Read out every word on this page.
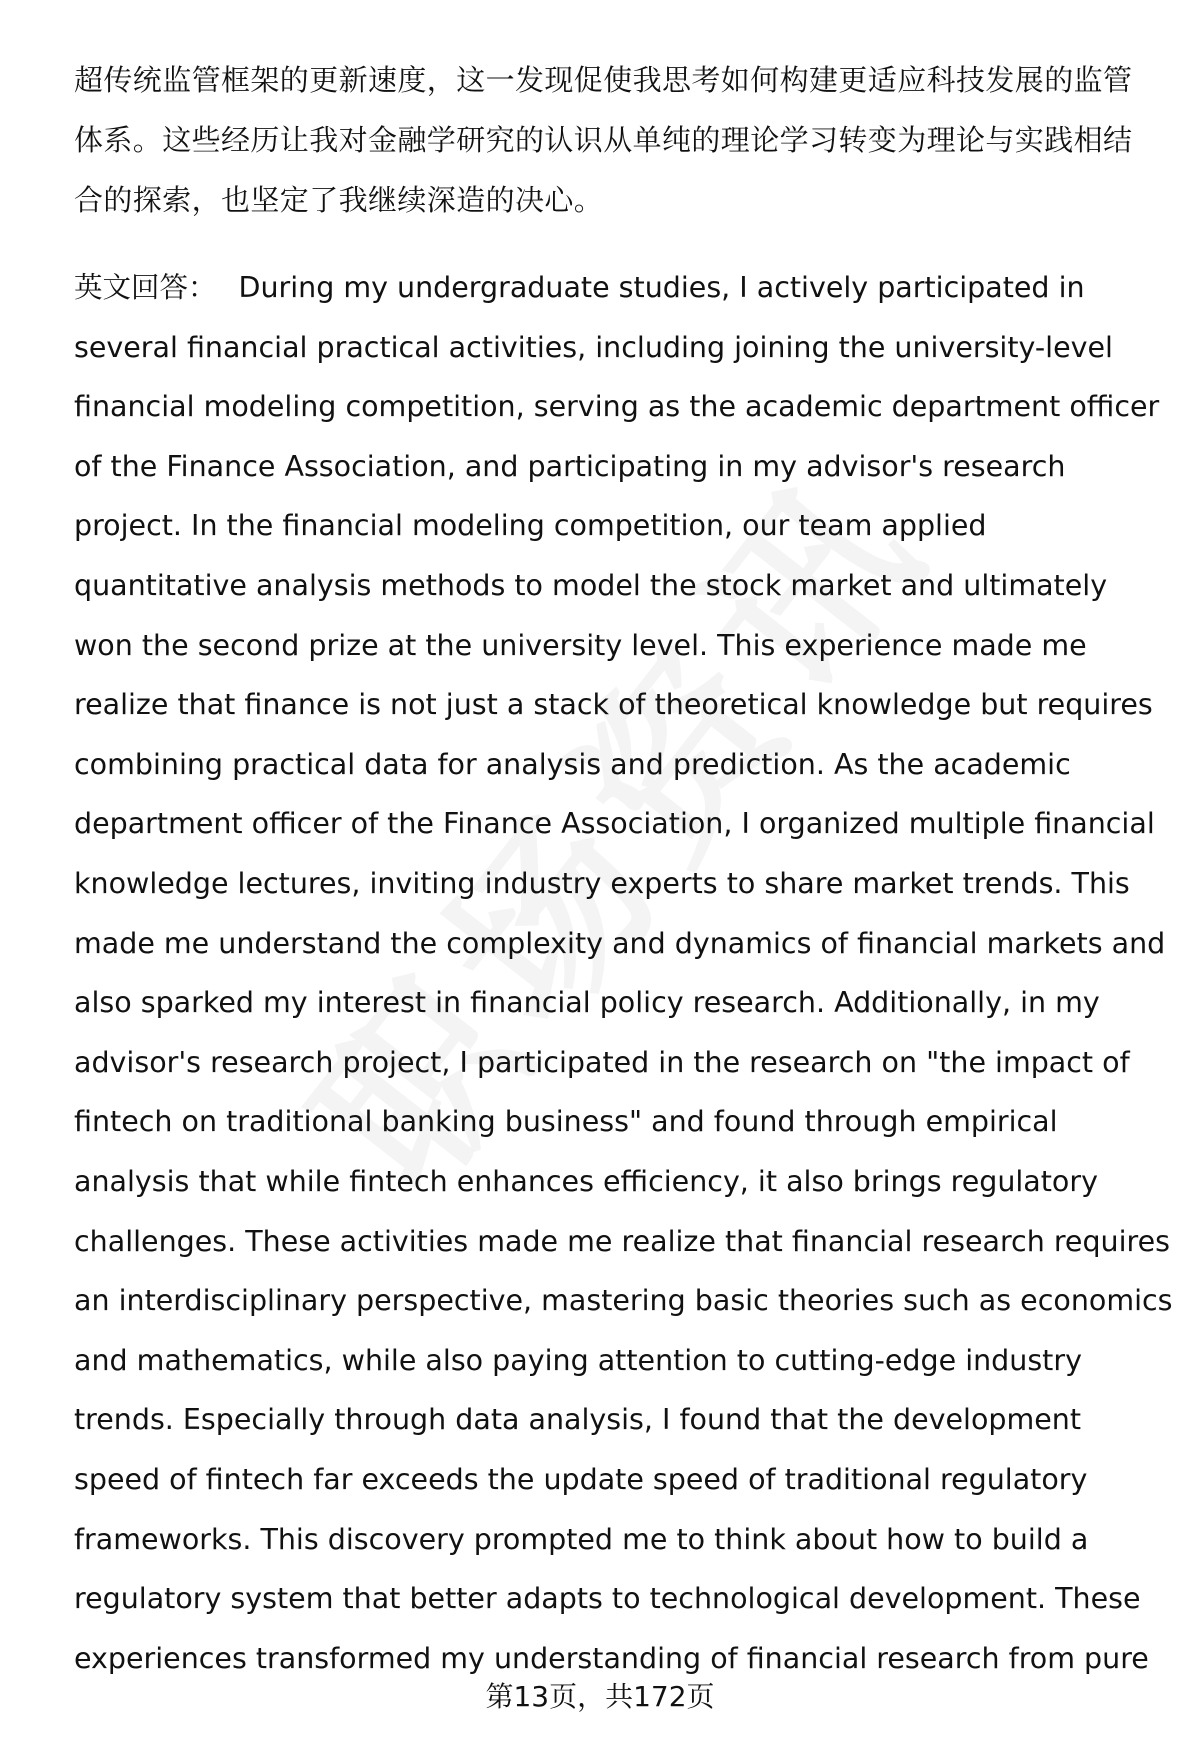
超传统监管框架的更新速度，这一发现促使我思考如何构建更适应科技发展的监管
体系。这些经历让我对金融学研究的认识从单纯的理论学习转变为理论与实践相结
合的探索，也坚定了我继续深造的决心。
英文回答： During my undergraduate studies, I actively participated in
several financial practical activities, including joining the university-level
financial modeling competition, serving as the academic department officer
of the Finance Association, and participating in my advisor's research
project. In the financial modeling competition, our team applied
quantitative analysis methods to model the stock market and ultimately
won the second prize at the university level. This experience made me
realize that finance is not just a stack of theoretical knowledge but requires
combining practical data for analysis and prediction. As the academic
department officer of the Finance Association, I organized multiple financial
knowledge lectures, inviting industry experts to share market trends. This
made me understand the complexity and dynamics of financial markets and
also sparked my interest in financial policy research. Additionally, in my
advisor's research project, I participated in the research on "the impact of
fintech on traditional banking business" and found through empirical
analysis that while fintech enhances efficiency, it also brings regulatory
challenges. These activities made me realize that financial research requires
an interdisciplinary perspective, mastering basic theories such as economics
and mathematics, while also paying attention to cutting-edge industry
trends. Especially through data analysis, I found that the development
speed of fintech far exceeds the update speed of traditional regulatory
frameworks. This discovery prompted me to think about how to build a
regulatory system that better adapts to technological development. These
experiences transformed my understanding of financial research from pure
第13页，共172页
